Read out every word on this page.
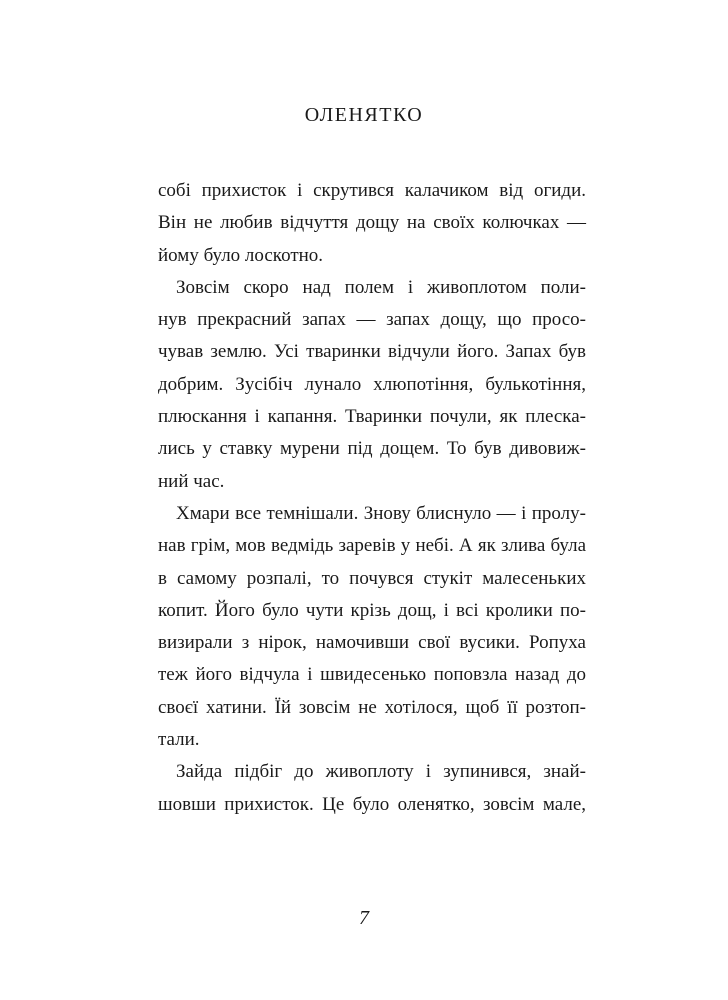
ОЛЕНЯТКО
собі прихисток і скрутився калачиком від огиди.
Він не любив відчуття дощу на своїх колючках —
йому було лоскотно.
Зовсім скоро над полем і живоплотом поли-
нув прекрасний запах — запах дощу, що просо-
чував землю. Усі тваринки відчули його. Запах був
добрим. Зусібіч лунало хлюпотіння, булькотіння,
плюскання і капання. Тваринки почули, як плеска-
лись у ставку мурени під дощем. То був дивовиж-
ний час.
Хмари все темнішали. Знову блиснуло — і пролу-
нав грім, мов ведмідь заревів у небі. А як злива була
в самому розпалі, то почувся стукіт малесеньких
копит. Його було чути крізь дощ, і всі кролики по-
визирали з нірок, намочивши свої вусики. Ропуха
теж його відчула і швидесенько поповзла назад до
своєї хатини. Їй зовсім не хотілося, щоб її розтоп-
тали.
Зайда підбіг до живоплоту і зупинився, знай-
шовши прихисток. Це було оленятко, зовсім мале,
7
